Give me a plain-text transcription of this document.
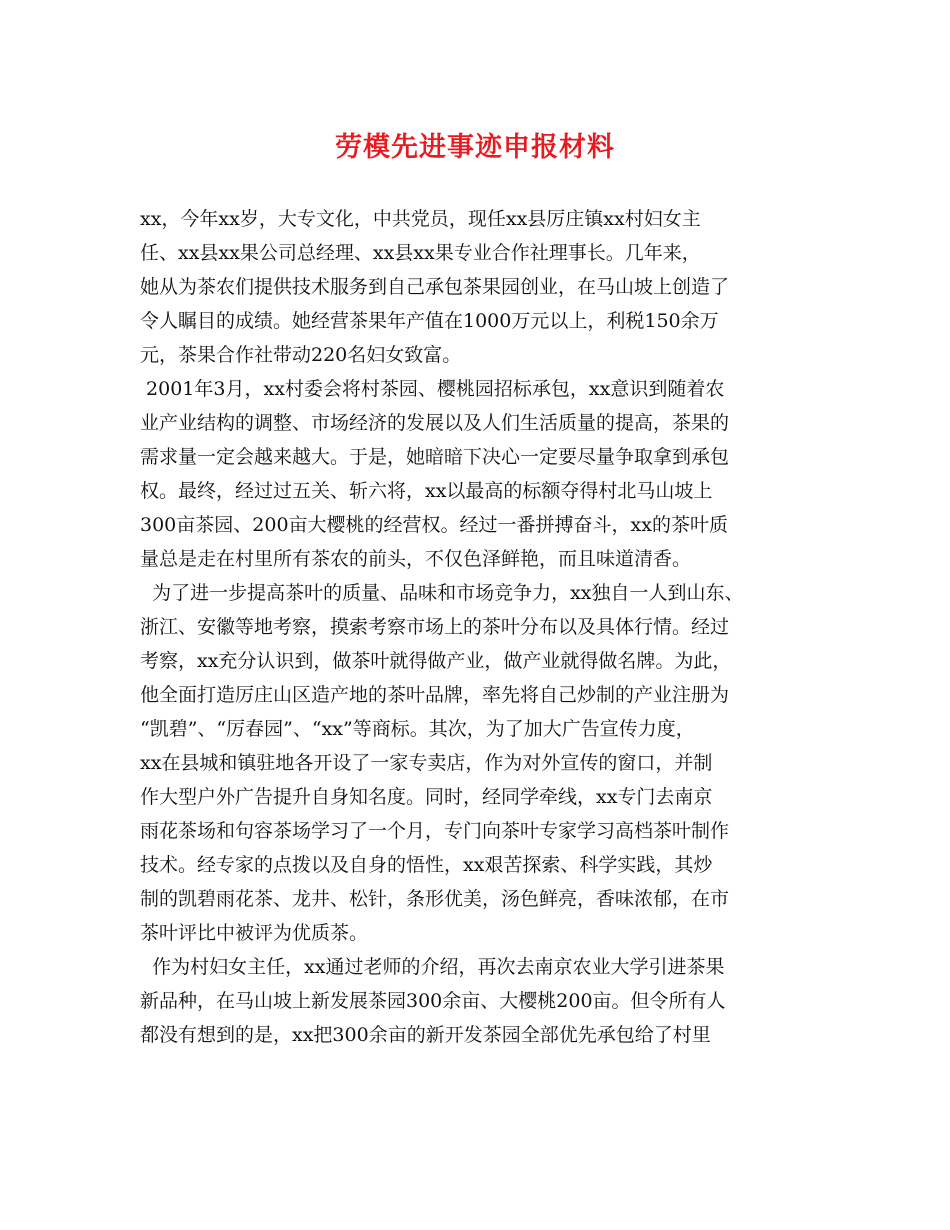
劳模先进事迹申报材料
xx，今年xx岁，大专文化，中共党员，现任xx县厉庄镇xx村妇女主
任、xx县xx果公司总经理、xx县xx果专业合作社理事长。几年来，
她从为茶农们提供技术服务到自己承包茶果园创业，在马山坡上创造了
令人瞩目的成绩。她经营茶果年产值在1000万元以上，利税150余万
元，茶果合作社带动220名妇女致富。
2001年3月，xx村委会将村茶园、樱桃园招标承包，xx意识到随着农
业产业结构的调整、市场经济的发展以及人们生活质量的提高，茶果的
需求量一定会越来越大。于是，她暗暗下决心一定要尽量争取拿到承包
权。最终，经过过五关、斩六将，xx以最高的标额夺得村北马山坡上
300亩茶园、200亩大樱桃的经营权。经过一番拼搏奋斗，xx的茶叶质
量总是走在村里所有茶农的前头，不仅色泽鲜艳，而且味道清香。
为了进一步提高茶叶的质量、品味和市场竞争力，xx独自一人到山东、
浙江、安徽等地考察，摸索考察市场上的茶叶分布以及具体行情。经过
考察，xx充分认识到，做茶叶就得做产业，做产业就得做名牌。为此，
他全面打造厉庄山区造产地的茶叶品牌，率先将自己炒制的产业注册为
“凯碧”、“厉春园”、“xx”等商标。其次，为了加大广告宣传力度，
xx在县城和镇驻地各开设了一家专卖店，作为对外宣传的窗口，并制
作大型户外广告提升自身知名度。同时，经同学牵线，xx专门去南京
雨花茶场和句容茶场学习了一个月，专门向茶叶专家学习高档茶叶制作
技术。经专家的点拨以及自身的悟性，xx艰苦探索、科学实践，其炒
制的凯碧雨花茶、龙井、松针，条形优美，汤色鲜亮，香味浓郁，在市
茶叶评比中被评为优质茶。
作为村妇女主任，xx通过老师的介绍，再次去南京农业大学引进茶果
新品种，在马山坡上新发展茶园300余亩、大樱桃200亩。但令所有人
都没有想到的是，xx把300余亩的新开发茶园全部优先承包给了村里
